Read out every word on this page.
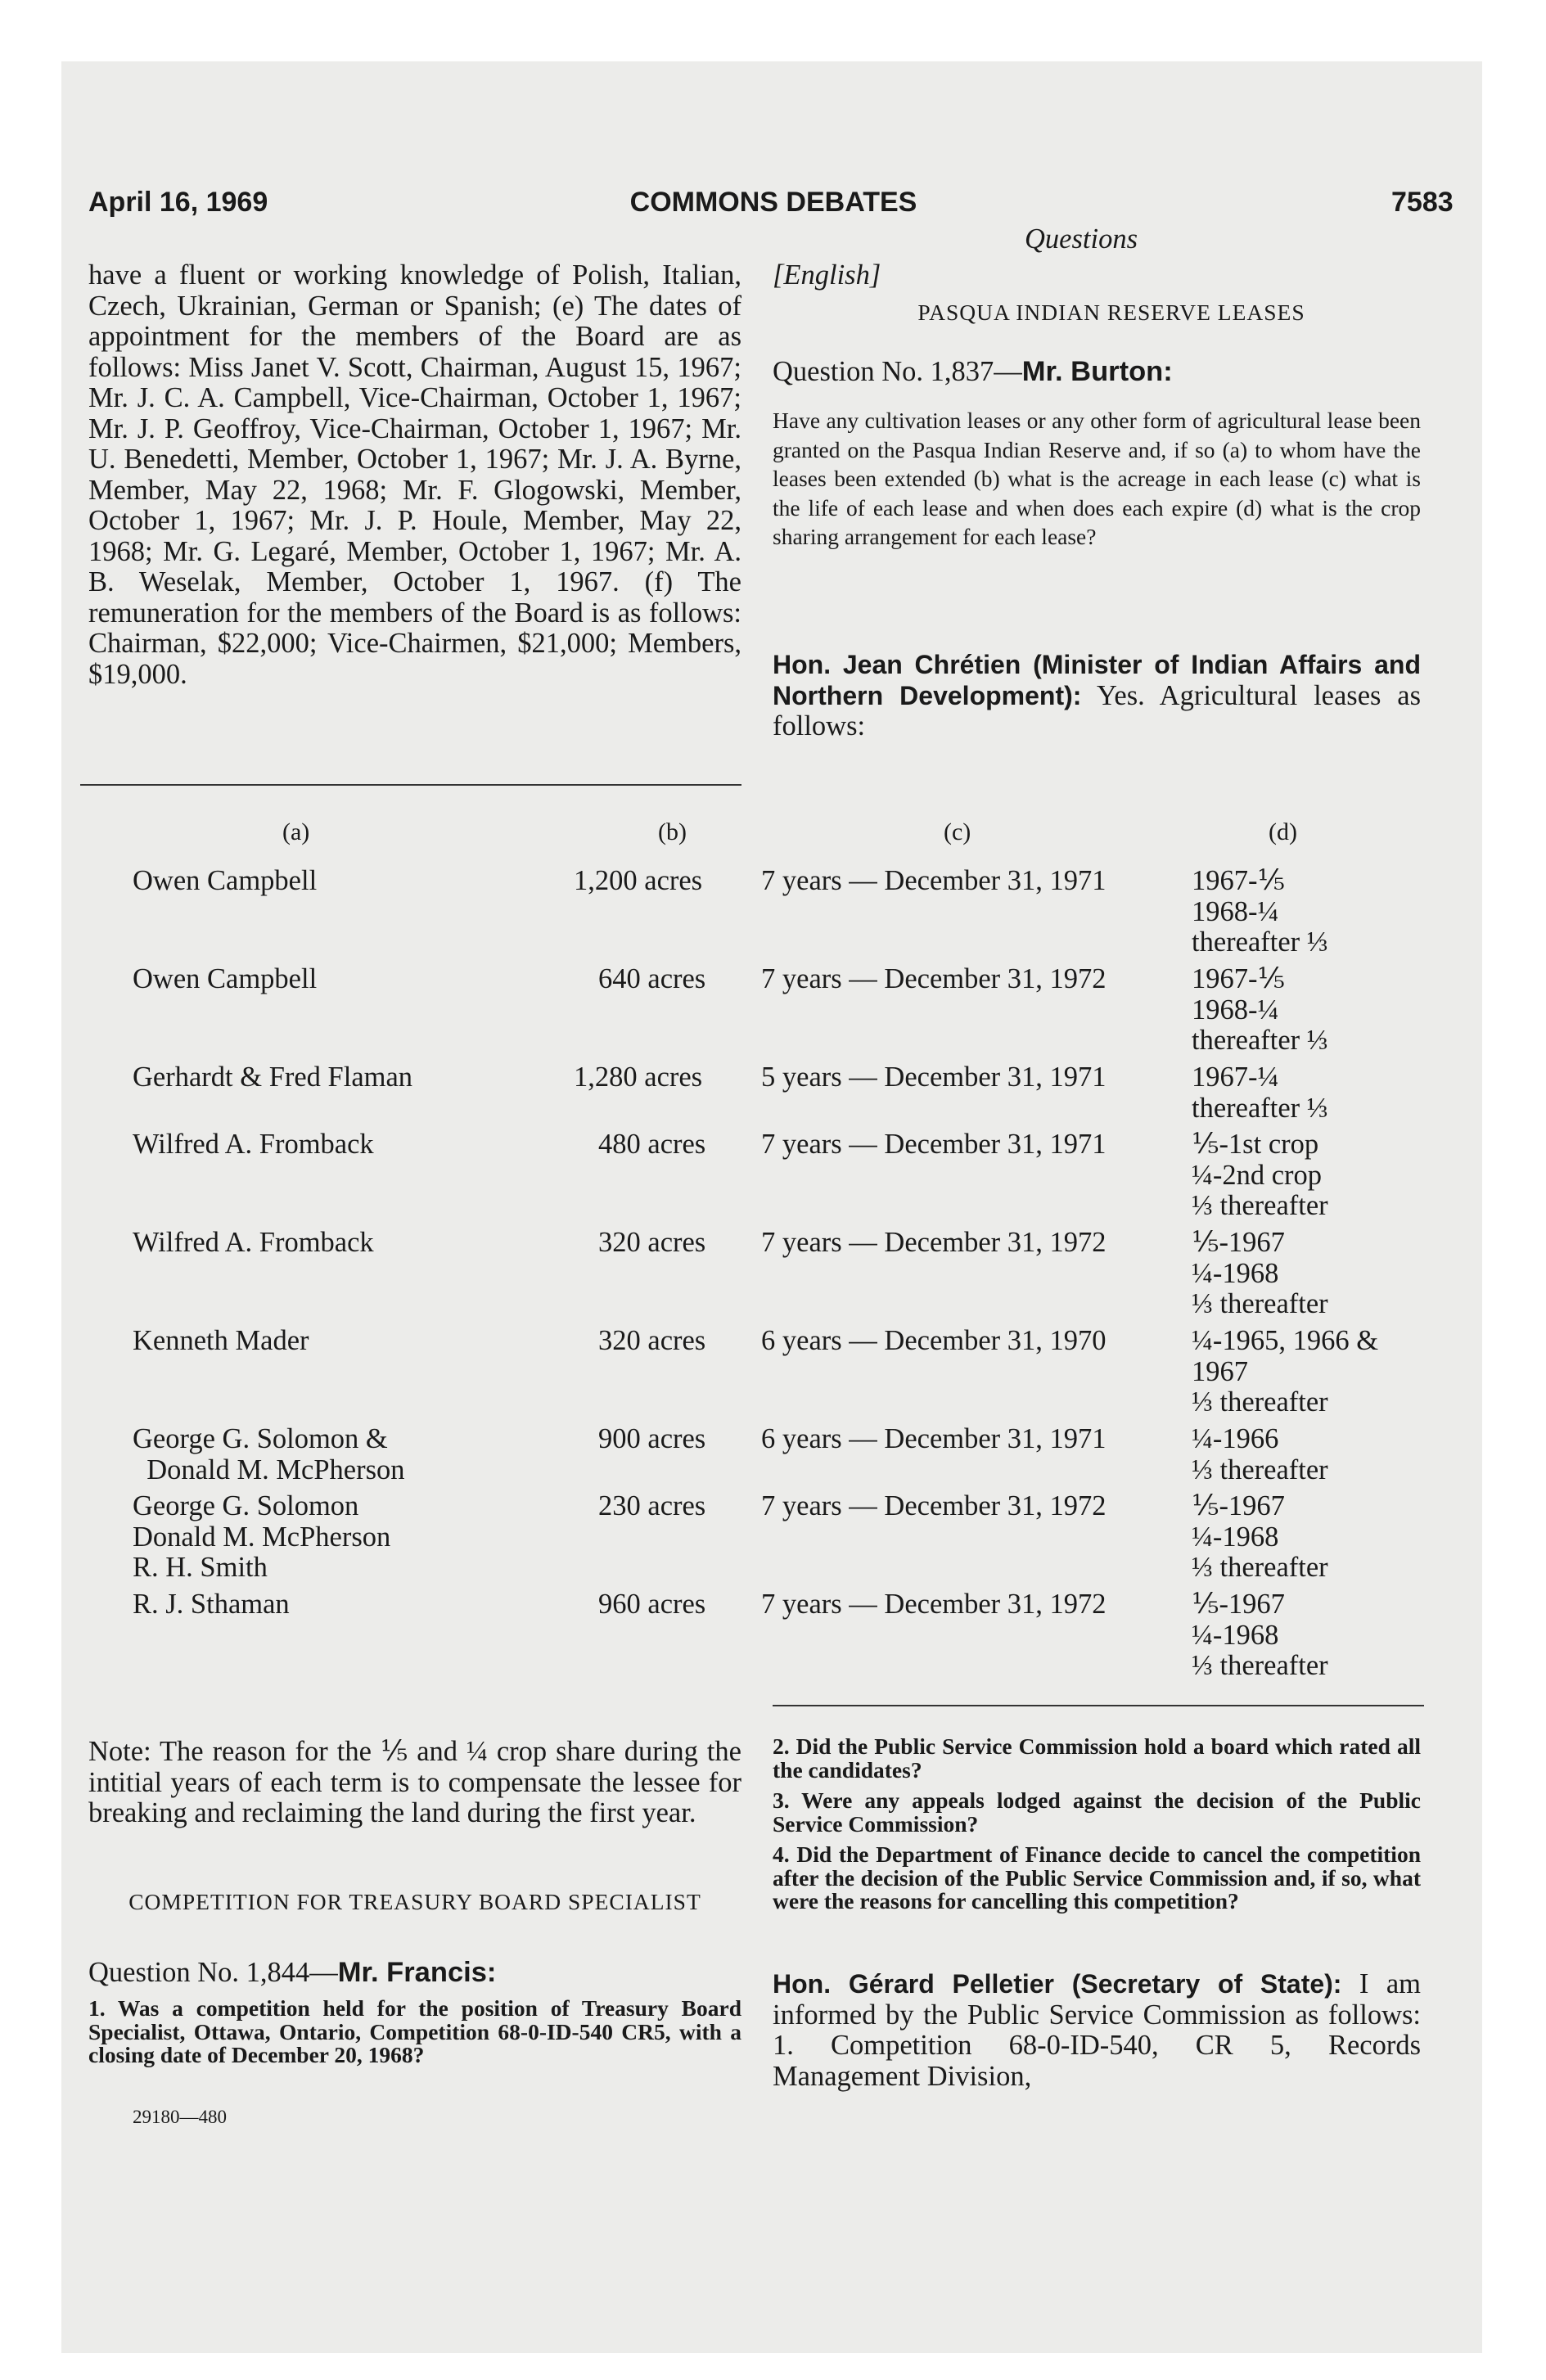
April 16, 1969	COMMONS DEBATES	7583
Questions
have a fluent or working knowledge of Polish, Italian, Czech, Ukrainian, German or Spanish; (e) The dates of appointment for the members of the Board are as follows: Miss Janet V. Scott, Chairman, August 15, 1967; Mr. J. C. A. Campbell, Vice-Chairman, October 1, 1967; Mr. J. P. Geoffroy, Vice-Chairman, October 1, 1967; Mr. U. Benedetti, Member, October 1, 1967; Mr. J. A. Byrne, Member, May 22, 1968; Mr. F. Glogowski, Member, October 1, 1967; Mr. J. P. Houle, Member, May 22, 1968; Mr. G. Legaré, Member, October 1, 1967; Mr. A. B. Weselak, Member, October 1, 1967. (f) The remuneration for the members of the Board is as follows: Chairman, $22,000; Vice-Chairmen, $21,000; Members, $19,000.
[English]
PASQUA INDIAN RESERVE LEASES
Question No. 1,837—Mr. Burton:
Have any cultivation leases or any other form of agricultural lease been granted on the Pasqua Indian Reserve and, if so (a) to whom have the leases been extended (b) what is the acreage in each lease (c) what is the life of each lease and when does each expire (d) what is the crop sharing arrangement for each lease?
Hon. Jean Chrétien (Minister of Indian Affairs and Northern Development): Yes. Agricultural leases as follows:
(a)	(b)	(c)	(d)
Owen Campbell	1,200 acres 7 years — December 31, 1971	1967-⅕
1968-¼
thereafter ⅓
Owen Campbell	640 acres 7 years — December 31, 1972	1967-⅕
1968-¼
thereafter ⅓
Gerhardt & Fred Flaman	1,280 acres 5 years — December 31, 1971	1967-¼
thereafter ⅓
Wilfred A. Fromback	480 acres 7 years — December 31, 1971	⅕-1st crop
¼-2nd crop
⅓ thereafter
Wilfred A. Fromback	320 acres 7 years — December 31, 1972	⅕-1967
¼-1968
⅓ thereafter
Kenneth Mader	320 acres 6 years — December 31, 1970	¼-1965, 1966 &
1967
⅓ thereafter
George G. Solomon &
Donald M. McPherson
900 acres 6 years — December 31, 1971	¼-1966
⅓ thereafter
George G. Solomon
Donald M. McPherson
R. H. Smith
230 acres 7 years — December 31, 1972	⅕-1967
¼-1968
⅓ thereafter
R. J. Sthaman	960 acres 7 years — December 31, 1972	⅕-1967
¼-1968
⅓ thereafter
Note: The reason for the ⅕ and ¼ crop share during the intitial years of each term is to compensate the lessee for breaking and reclaiming the land during the first year.
COMPETITION FOR TREASURY BOARD SPECIALIST
Question No. 1,844—Mr. Francis:
1. Was a competition held for the position of Treasury Board Specialist, Ottawa, Ontario, Competition 68-0-ID-540 CR5, with a closing date of December 20, 1968?
29180—480
2. Did the Public Service Commission hold a board which rated all the candidates?
3. Were any appeals lodged against the decision of the Public Service Commission?
4. Did the Department of Finance decide to cancel the competition after the decision of the Public Service Commission and, if so, what were the reasons for cancelling this competition?
Hon. Gérard Pelletier (Secretary of State): I am informed by the Public Service Commission as follows: 1. Competition 68-0-ID-540, CR 5, Records Management Division,
